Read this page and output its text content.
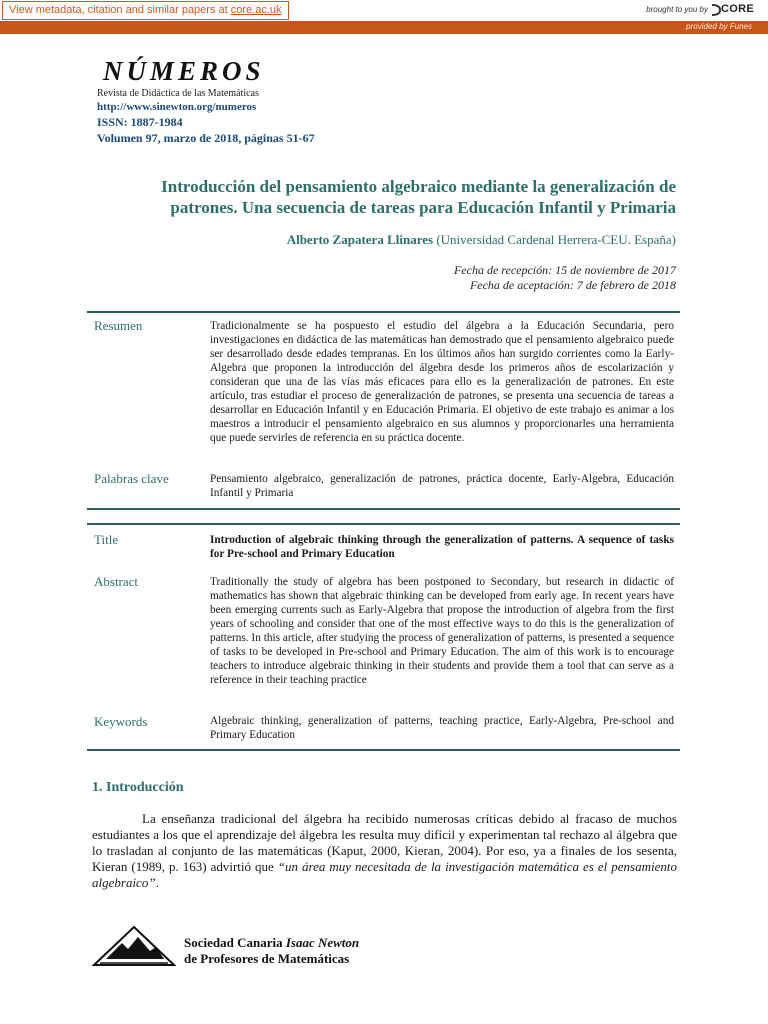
View metadata, citation and similar papers at core.ac.uk	brought to you by CORE
provided by Funes
NÚMEROS
Revista de Didáctica de las Matemáticas
http://www.sinewton.org/numeros
ISSN: 1887-1984
Volumen 97, marzo de 2018, páginas 51-67
Introducción del pensamiento algebraico mediante la generalización de
patrones. Una secuencia de tareas para Educación Infantil y Primaria
Alberto Zapatera Llinares (Universidad Cardenal Herrera-CEU. España)
Fecha de recepción: 15 de noviembre de 2017
Fecha de aceptación: 7 de febrero de 2018
Resumen	Tradicionalmente se ha pospuesto el estudio del álgebra a la Educación Secundaria, pero investigaciones en didáctica de las matemáticas han demostrado que el pensamiento algebraico puede ser desarrollado desde edades tempranas. En los últimos años han surgido corrientes como la Early-Algebra que proponen la introducción del álgebra desde los primeros años de escolarización y consideran que una de las vías más eficaces para ello es la generalización de patrones. En este artículo, tras estudiar el proceso de generalización de patrones, se presenta una secuencia de tareas a desarrollar en Educación Infantil y en Educación Primaria. El objetivo de este trabajo es animar a los maestros a introducir el pensamiento algebraico en sus alumnos y proporcionarles una herramienta que puede servirles de referencia en su práctica docente.
Palabras clave	Pensamiento algebraico, generalización de patrones, práctica docente, Early-Algebra, Educación Infantil y Primaria
Title	Introduction of algebraic thinking through the generalization of patterns. A sequence of tasks for Pre-school and Primary Education
Abstract	Traditionally the study of algebra has been postponed to Secondary, but research in didactic of mathematics has shown that algebraic thinking can be developed from early age. In recent years have been emerging currents such as Early-Algebra that propose the introduction of algebra from the first years of schooling and consider that one of the most effective ways to do this is the generalization of patterns. In this article, after studying the process of generalization of patterns, is presented a sequence of tasks to be developed in Pre-school and Primary Education. The aim of this work is to encourage teachers to introduce algebraic thinking in their students and provide them a tool that can serve as a reference in their teaching practice
Keywords	Algebraic thinking, generalization of patterns, teaching practice, Early-Algebra, Pre-school and Primary Education
1. Introducción
La enseñanza tradicional del álgebra ha recibido numerosas críticas debido al fracaso de muchos estudiantes a los que el aprendizaje del álgebra les resulta muy difícil y experimentan tal rechazo al álgebra que lo trasladan al conjunto de las matemáticas (Kaput, 2000, Kieran, 2004). Por eso, ya a finales de los sesenta, Kieran (1989, p. 163) advirtió que “un área muy necesitada de la investigación matemática es el pensamiento algebraico”.
Sociedad Canaria Isaac Newton
de Profesores de Matemáticas
